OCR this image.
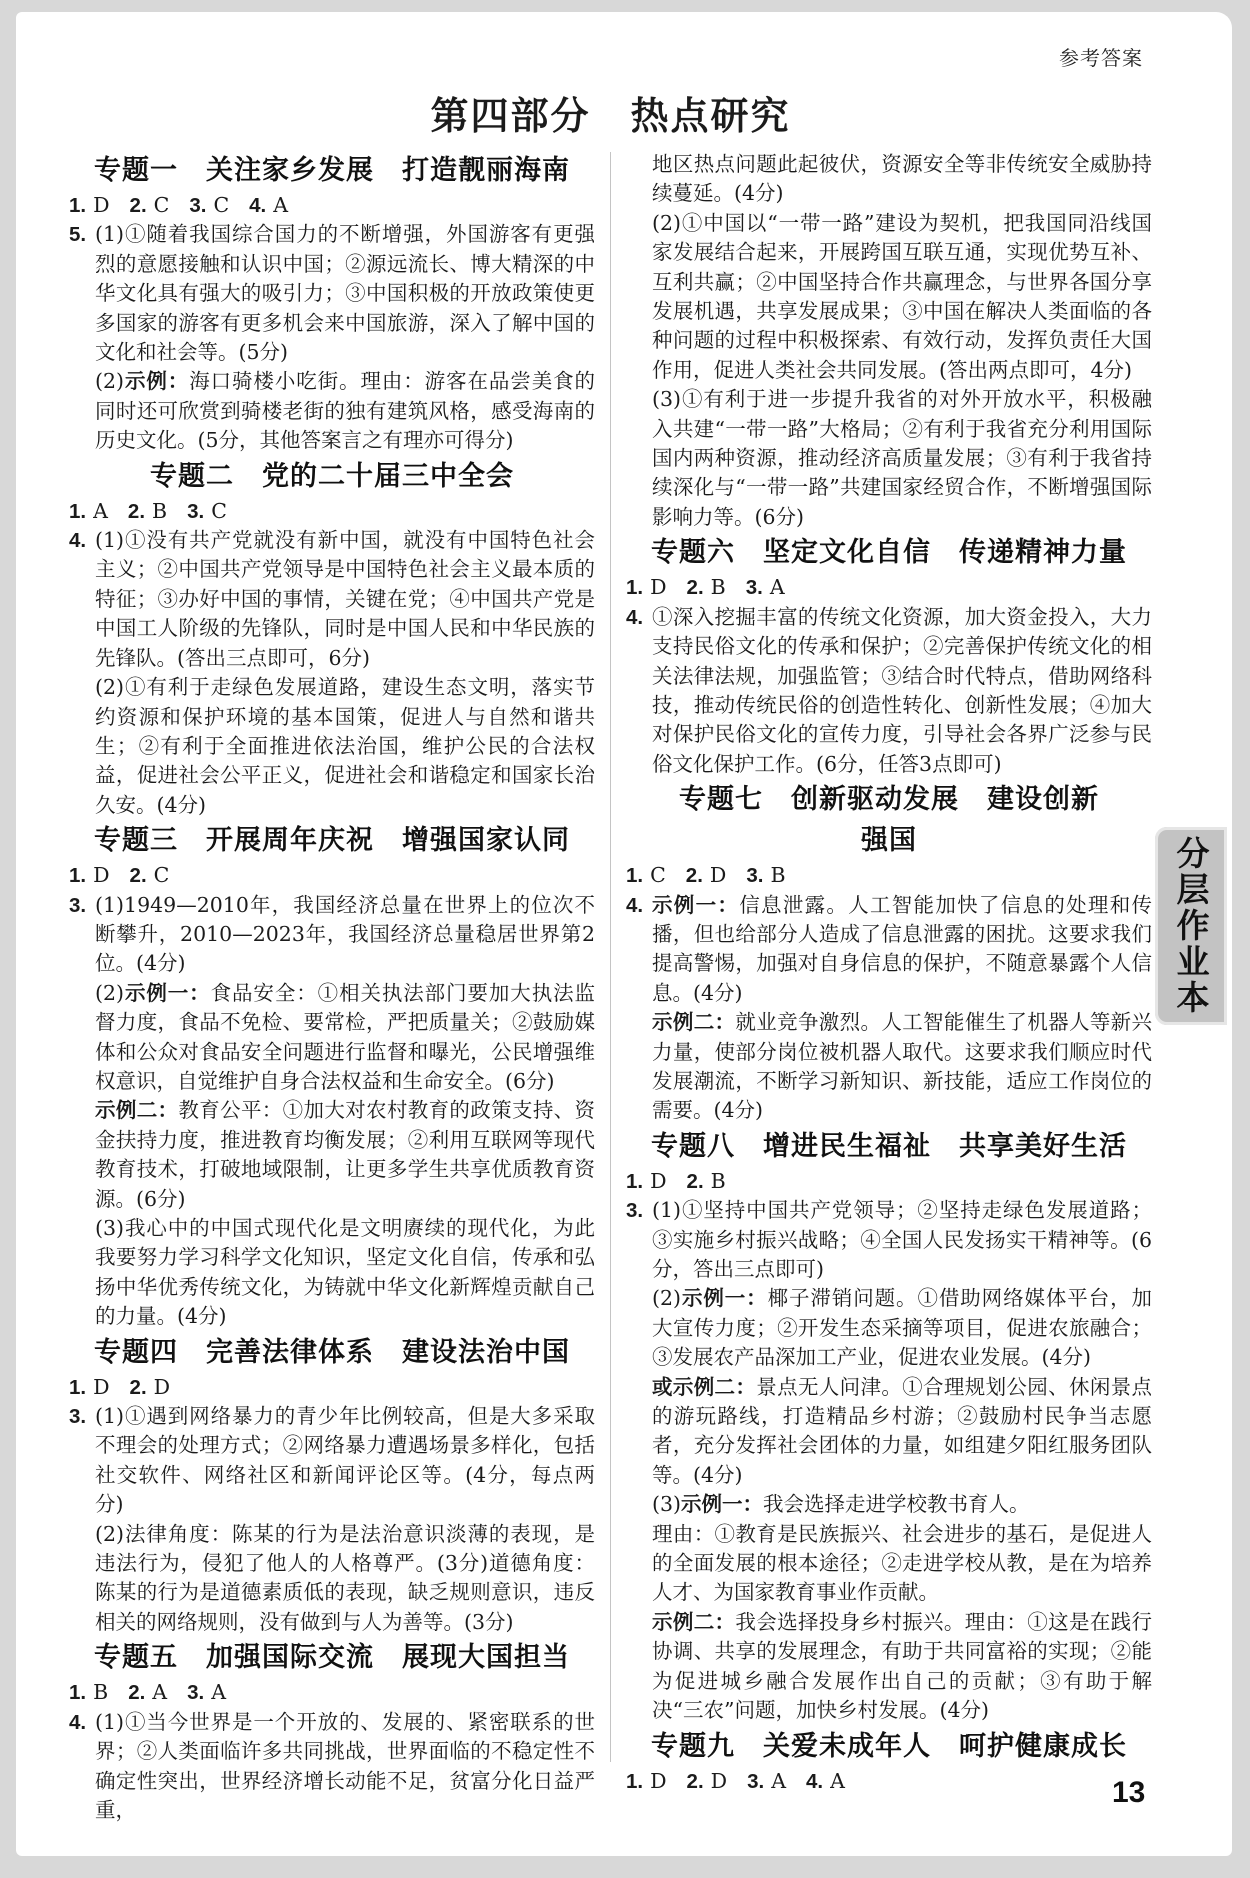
参考答案
第四部分　热点研究
专题一　关注家乡发展　打造靓丽海南
1. D 2. C 3. C 4. A

5. (1)①随着我国综合国力的不断增强，外国游客有更强烈的意愿接触和认识中国；②源远流长、博大精深的中华文化具有强大的吸引力；③中国积极的开放政策使更多国家的游客有更多机会来中国旅游，深入了解中国的文化和社会等。(5分)

(2)示例：海口骑楼小吃街。理由：游客在品尝美食的同时还可欣赏到骑楼老街的独有建筑风格，感受海南的历史文化。(5分，其他答案言之有理亦可得分)

专题二　党的二十届三中全会
1. A 2. B 3. C

4. (1)①没有共产党就没有新中国，就没有中国特色社会主义；②中国共产党领导是中国特色社会主义最本质的特征；③办好中国的事情，关键在党；④中国共产党是中国工人阶级的先锋队，同时是中国人民和中华民族的先锋队。(答出三点即可，6分)

(2)①有利于走绿色发展道路，建设生态文明，落实节约资源和保护环境的基本国策，促进人与自然和谐共生；②有利于全面推进依法治国，维护公民的合法权益，促进社会公平正义，促进社会和谐稳定和国家长治久安。(4分)

专题三　开展周年庆祝　增强国家认同
1. D 2. C

3. (1)1949—2010年，我国经济总量在世界上的位次不断攀升，2010—2023年，我国经济总量稳居世界第2位。(4分)

(2)示例一：食品安全：①相关执法部门要加大执法监督力度，食品不免检、要常检，严把质量关；②鼓励媒体和公众对食品安全问题进行监督和曝光，公民增强维权意识，自觉维护自身合法权益和生命安全。(6分)

示例二：教育公平：①加大对农村教育的政策支持、资金扶持力度，推进教育均衡发展；②利用互联网等现代教育技术，打破地域限制，让更多学生共享优质教育资源。(6分)

(3)我心中的中国式现代化是文明赓续的现代化，为此我要努力学习科学文化知识，坚定文化自信，传承和弘扬中华优秀传统文化，为铸就中华文化新辉煌贡献自己的力量。(4分)

专题四　完善法律体系　建设法治中国
1. D 2. D

3. (1)①遇到网络暴力的青少年比例较高，但是大多采取不理会的处理方式；②网络暴力遭遇场景多样化，包括社交软件、网络社区和新闻评论区等。(4分，每点两分)

(2)法律角度：陈某的行为是法治意识淡薄的表现，是违法行为，侵犯了他人的人格尊严。(3分)道德角度：陈某的行为是道德素质低的表现，缺乏规则意识，违反相关的网络规则，没有做到与人为善等。(3分)

专题五　加强国际交流　展现大国担当
1. B 2. A 3. A

4. (1)①当今世界是一个开放的、发展的、紧密联系的世界；②人类面临许多共同挑战，世界面临的不稳定性不确定性突出，世界经济增长动能不足，贫富分化日益严重，

地区热点问题此起彼伏，资源安全等非传统安全威胁持续蔓延。(4分)

(2)①中国以“一带一路”建设为契机，把我国同沿线国家发展结合起来，开展跨国互联互通，实现优势互补、互利共赢；②中国坚持合作共赢理念，与世界各国分享发展机遇，共享发展成果；③中国在解决人类面临的各种问题的过程中积极探索、有效行动，发挥负责任大国作用，促进人类社会共同发展。(答出两点即可，4分)

(3)①有利于进一步提升我省的对外开放水平，积极融入共建“一带一路”大格局；②有利于我省充分利用国际国内两种资源，推动经济高质量发展；③有利于我省持续深化与“一带一路”共建国家经贸合作，不断增强国际影响力等。(6分)

专题六　坚定文化自信　传递精神力量
1. D 2. B 3. A

4. ①深入挖掘丰富的传统文化资源，加大资金投入，大力支持民俗文化的传承和保护；②完善保护传统文化的相关法律法规，加强监管；③结合时代特点，借助网络科技，推动传统民俗的创造性转化、创新性发展；④加大对保护民俗文化的宣传力度，引导社会各界广泛参与民俗文化保护工作。(6分，任答3点即可)

专题七　创新驱动发展　建设创新
强国
1. C 2. D 3. B

4. 示例一：信息泄露。人工智能加快了信息的处理和传播，但也给部分人造成了信息泄露的困扰。这要求我们提高警惕，加强对自身信息的保护，不随意暴露个人信息。(4分)

示例二：就业竞争激烈。人工智能催生了机器人等新兴力量，使部分岗位被机器人取代。这要求我们顺应时代发展潮流，不断学习新知识、新技能，适应工作岗位的需要。(4分)

专题八　增进民生福祉　共享美好生活
1. D 2. B

3. (1)①坚持中国共产党领导；②坚持走绿色发展道路；③实施乡村振兴战略；④全国人民发扬实干精神等。(6分，答出三点即可)

(2)示例一：椰子滞销问题。①借助网络媒体平台，加大宣传力度；②开发生态采摘等项目，促进农旅融合；③发展农产品深加工产业，促进农业发展。(4分)

或示例二：景点无人问津。①合理规划公园、休闲景点的游玩路线，打造精品乡村游；②鼓励村民争当志愿者，充分发挥社会团体的力量，如组建夕阳红服务团队等。(4分)

(3)示例一：我会选择走进学校教书育人。

理由：①教育是民族振兴、社会进步的基石，是促进人的全面发展的根本途径；②走进学校从教，是在为培养人才、为国家教育事业作贡献。

示例二：我会选择投身乡村振兴。理由：①这是在践行协调、共享的发展理念，有助于共同富裕的实现；②能为促进城乡融合发展作出自己的贡献；③有助于解决“三农”问题，加快乡村发展。(4分)

专题九　关爱未成年人　呵护健康成长
1. D 2. D 3. A 4. A
分层作业本
13
